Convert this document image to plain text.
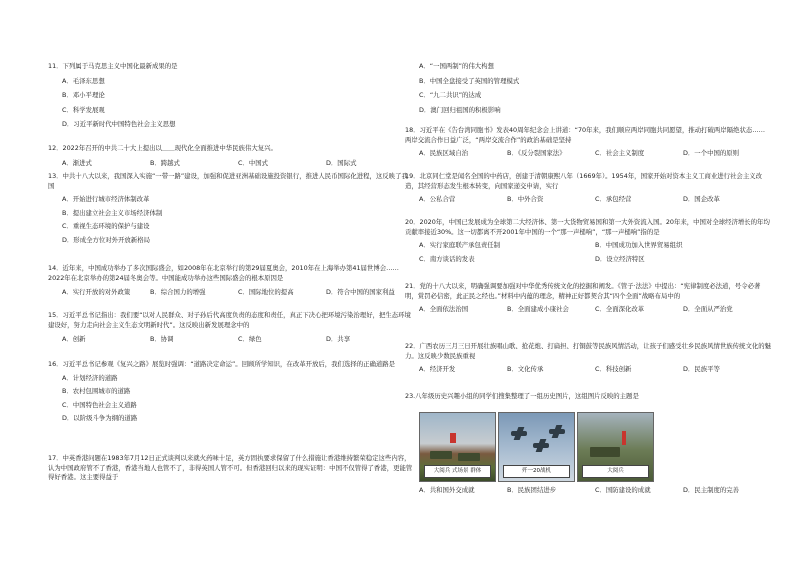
11．下列属于马克思主义中国化最新成果的是
A．毛泽东思想
B．邓小平理论
C．科学发展观
D．习近平新时代中国特色社会主义思想
12．2022年召开的中共二十大上提出以＿＿现代化全面推进中华民族伟大复兴。
A．渐进式	B．跨越式	C．中国式	D．国际式
13．中共十八大以来，我国深入实施“一带一路”建设，加强和促进亚洲基础设施投资银行，推进人民币国际化进程，这反映了我国
A．开始进行城市经济体制改革
B．提出建立社会主义市场经济体制
C．重视生态环境的保护与建设
D．形成全方位对外开放新格局
14．近年来，中国成功举办了多次国际盛会，如2008年在北京举行的第29届夏奥会，2010年在上海举办第41届世博会……2022年在北京举办的第24届冬奥会等。中国能成功举办这些国际盛会的根本原因是
A．实行开放的对外政策	B．综合国力的增强	C．国际地位的提高	D．符合中国的国家利益
15．习近平总书记指出：我们要“以对人民群众、对子孙后代高度负责的态度和责任，真正下决心把环境污染治理好，把生态环境建设好，努力走向社会主义生态文明新时代”。这反映出新发展理念中的
A．创新	B．协调	C．绿色	D．共享
16．习近平总书记参观《复兴之路》展览时强调：“道路决定命运”。回顾所学知识，在改革开放后，我们选择的正确道路是
A．计划经济的道路
B．农村包围城市的道路
C．中国特色社会主义道路
D．以阶级斗争为纲的道路
17．中英香港问题在1983年7月12日正式谈判以来就火药味十足，英方固执要求保留了什么措施让香港维持繁荣稳定这些内容，认为中国政府管不了香港，香港当地人也管不了，非得英国人管不可。但香港回归以来的现实证明：中国不仅管得了香港，更能管得好香港。这主要得益于
A．“一国两制”的伟大构想
B．中国全盘接受了英国的管理模式
C．“九二共识”的达成
D．澳门回归祖国的积极影响
18．习近平在《告台湾同胞书》发表40周年纪念会上讲道：“70年来，我们顺应两岸同胞共同愿望，推动打破两岸隔绝状态……两岸交流合作日益广泛，“两岸交流合作”的政治基础是坚持
A．民族区域自治	B．《反分裂国家法》	C．社会主义制度	D．一个中国的原则
19．北京同仁堂是闻名全国的中药店，创建于清朝康熙八年（1669年）。1954年，国家开始对资本主义工商业进行社会主义改造，其经营形态发生根本转变，向国家递交申请，实行
A．公私合营	B．中外合资	C．承包经营	D．国企改革
20．2020年，中国已发展成为全球第二大经济体、第一大货物贸易国和第一大外资流入国。20年来，中国对全球经济增长的年均贡献率接近30%。这一切都离不开2001年中国的一个“那一声槌响”，“那一声槌响”指的是
A．实行家庭联产承包责任制	B．中国成功加入世界贸易组织
C．南方谈话的发表	D．设立经济特区
21．党的十八大以来，明确强调要加强对中华优秀传统文化的挖掘和阐发。《管子·法法》中提出：“宪律制度必法道，号令必著明，赏罚必信密，此正民之经也。”材料中内蕴的理念，精神正好都契合其“四个全面”战略布局中的
A．全面依法治国	B．全面建成小康社会	C．全面深化改革	D．全面从严治党
22．广西农历三月三日开展壮族唱山歌、抢花炮、打扁担、打铜鼓等民族风情活动，让孩子们感受壮乡民族风情世族传统文化的魅力。这反映少数民族重视
A．经济开发	B．文化传承	C．科技创新	D．民族平等
23.八年级历史兴趣小组的同学们搜集整理了一组历史图片，这组图片反映的主题是
大阅兵 式场景 群体	歼一20战机	大阅兵
A．共和国外交成就	B．民族团结进步	C．国防建设的成就	D．民主制度的完善
